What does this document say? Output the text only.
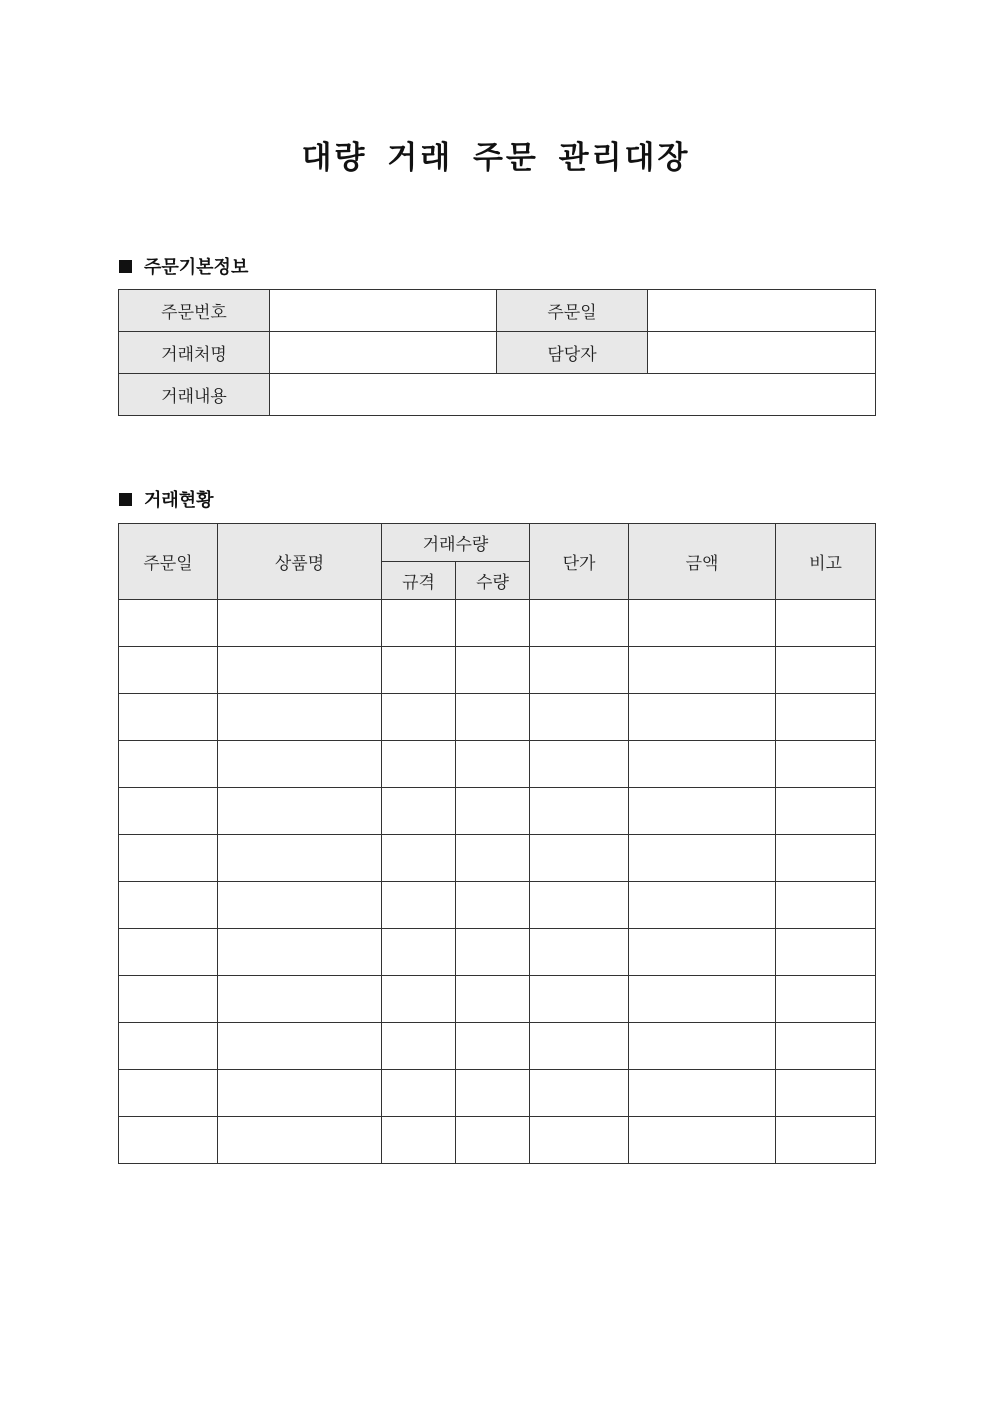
대량 거래 주문 관리대장
주문기본정보
주문번호		주문일	
거래처명		담당자	
거래내용			
거래현황
주문일	상품명	거래수량		단가	금액	비고
		규격	수량			
